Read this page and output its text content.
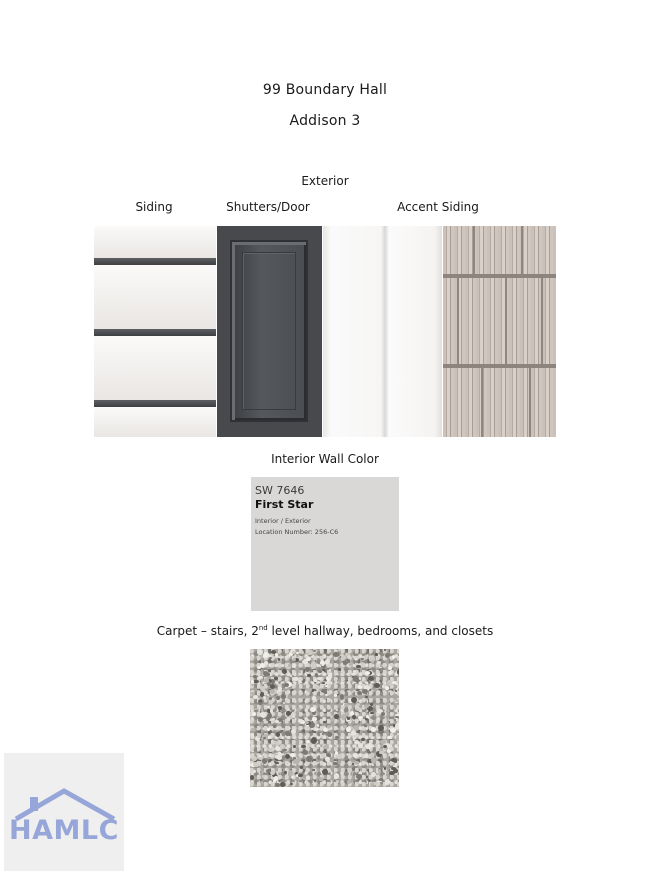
99 Boundary Hall
Addison 3
Exterior
Siding	Shutters/Door	Accent Siding
Interior Wall Color
SW 7646
First Star
Interior / Exterior
Location Number: 256-C6
Carpet – stairs, 2nd level hallway, bedrooms, and closets
HAMLC
